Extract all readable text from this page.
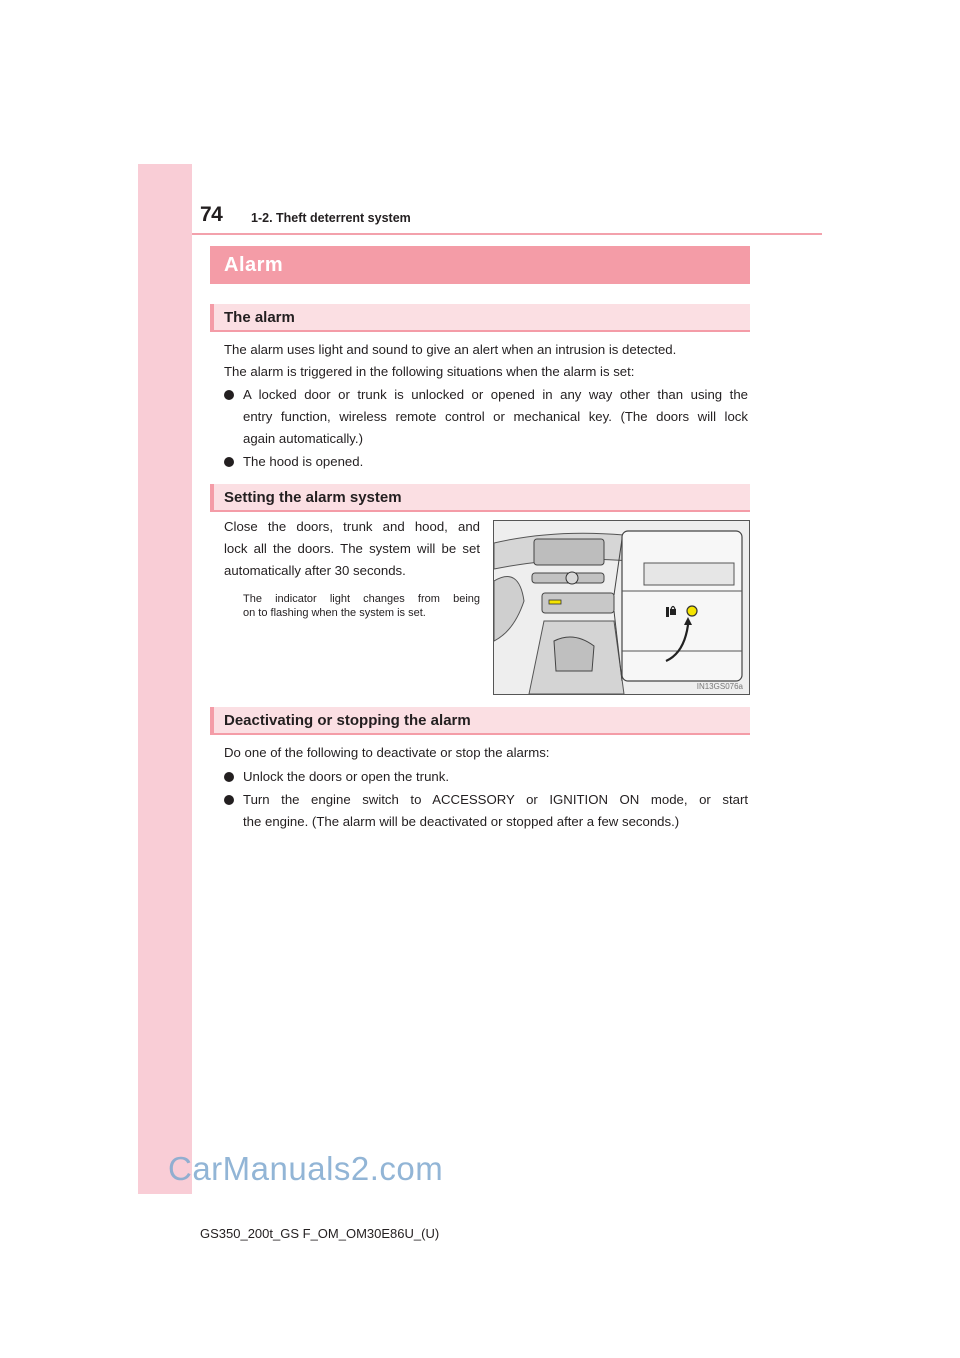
74 1-2. Theft deterrent system
Alarm
The alarm
The alarm uses light and sound to give an alert when an intrusion is detected.
The alarm is triggered in the following situations when the alarm is set:
A locked door or trunk is unlocked or opened in any way other than using the
entry function, wireless remote control or mechanical key. (The doors will lock
again automatically.)
The hood is opened.
Setting the alarm system
Close the doors, trunk and hood, and
lock all the doors. The system will be set
automatically after 30 seconds.
The indicator light changes from being
on to flashing when the system is set.
IN13GS076a
Deactivating or stopping the alarm
Do one of the following to deactivate or stop the alarms:
Unlock the doors or open the trunk.
Turn the engine switch to ACCESSORY or IGNITION ON mode, or start
the engine. (The alarm will be deactivated or stopped after a few seconds.)
CarManuals2.com
GS350_200t_GS F_OM_OM30E86U_(U)
